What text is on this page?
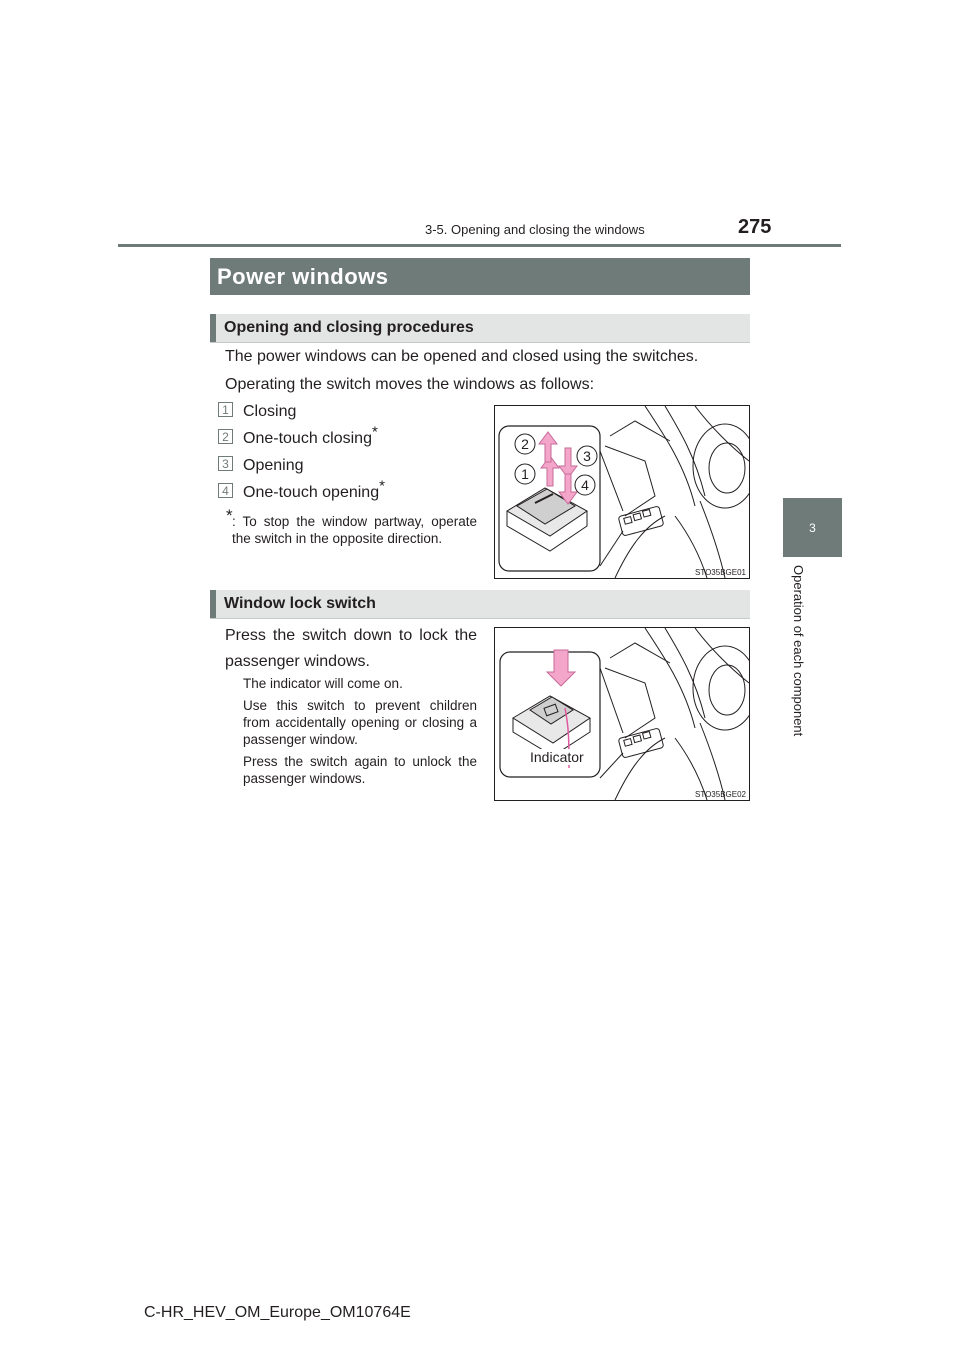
3-5. Opening and closing the windows	275
3
Operation of each component
Power windows
Opening and closing procedures
The power windows can be opened and closed using the switches.
Operating the switch moves the windows as follows:
1 Closing
2 One-touch closing*
3 Opening
4 One-touch opening*
* : To stop the window partway, operate the switch in the opposite direction.
2
1
3
4
STO35BGE01
Window lock switch
Press the switch down to lock the passenger windows.
The indicator will come on.
Use this switch to prevent children from accidentally opening or closing a passenger window.
Press the switch again to unlock the passenger windows.
Indicator
STO35BGE02
C-HR_HEV_OM_Europe_OM10764E
